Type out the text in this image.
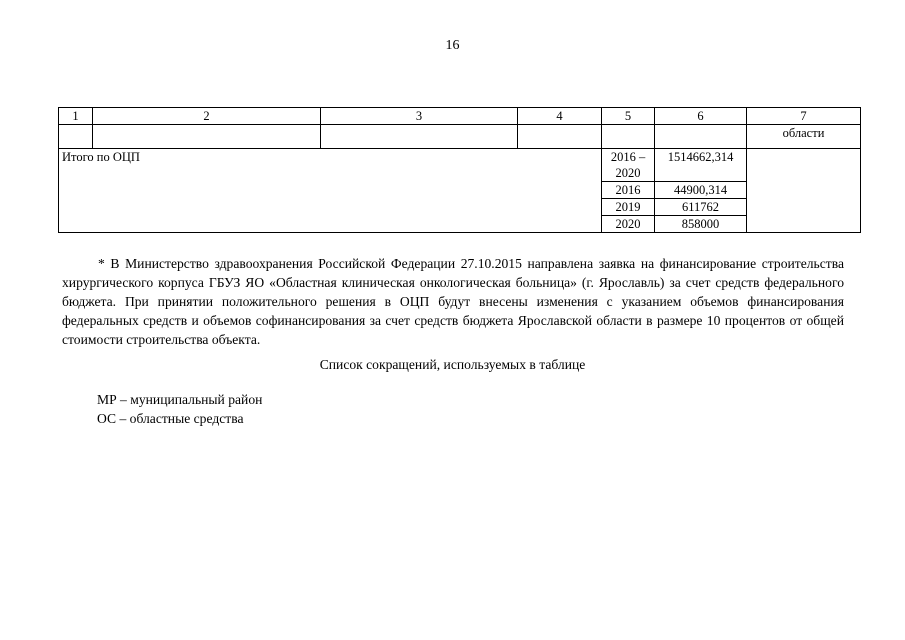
16
1	2	3	4	5	6	7
						области
Итого по ОЦП				2016 – 2020	1514662,314	
				2016	44900,314	
				2019	611762	
				2020	858000	
* В Министерство здравоохранения Российской Федерации 27.10.2015 направлена заявка на финансирование строительства хирургического корпуса ГБУЗ ЯО «Областная клиническая онкологическая больница» (г. Ярославль) за счет средств федерального бюджета. При принятии положительного решения в ОЦП будут внесены изменения с указанием объемов финансирования федеральных средств и объемов софинансирования за счет средств бюджета Ярославской области в размере 10 процентов от общей стоимости строительства объекта.
Список сокращений, используемых в таблице
МР – муниципальный район
ОС – областные средства
